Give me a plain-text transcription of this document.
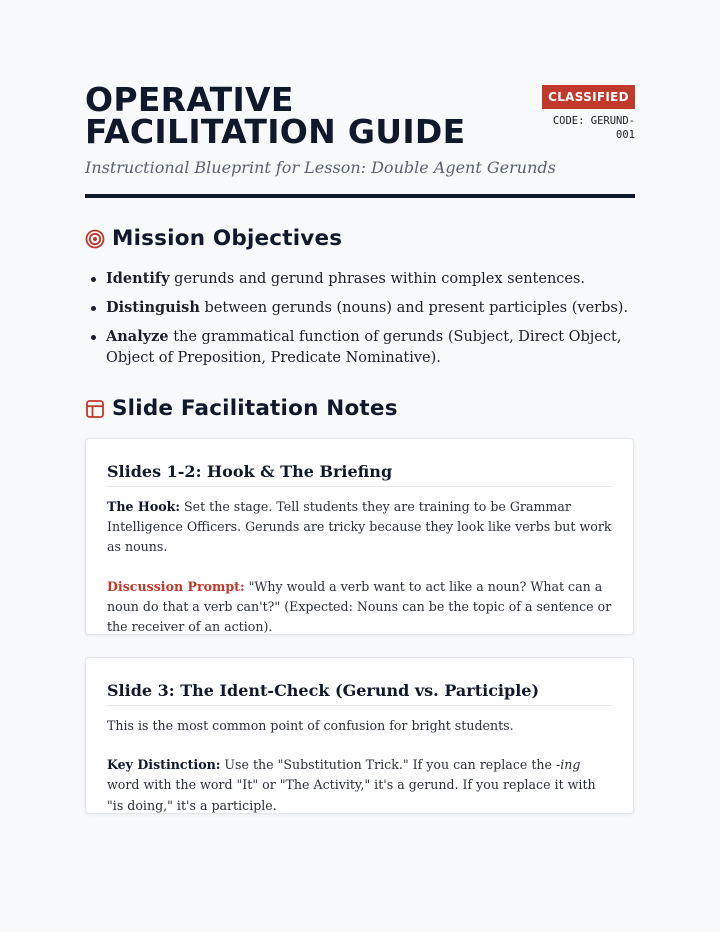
OPERATIVE FACILITATION GUIDE
CLASSIFIED
CODE: GERUND-001

Instructional Blueprint for Lesson: Double Agent Gerunds

Mission Objectives
Identify gerunds and gerund phrases within complex sentences.
Distinguish between gerunds (nouns) and present participles (verbs).
Analyze the grammatical function of gerunds (Subject, Direct Object, Object of Preposition, Predicate Nominative).
Slide Facilitation Notes
Slides 1-2: Hook & The Briefing

The Hook: Set the stage. Tell students they are training to be Grammar Intelligence Officers. Gerunds are tricky because they look like verbs but work as nouns.

Discussion Prompt: "Why would a verb want to act like a noun? What can a noun do that a verb can't?" (Expected: Nouns can be the topic of a sentence or the receiver of an action).

Slide 3: The Ident-Check (Gerund vs. Participle)

This is the most common point of confusion for bright students.

Key Distinction: Use the "Substitution Trick." If you can replace the -ing word with the word "It" or "The Activity," it's a gerund. If you replace it with "is doing," it's a participle.
